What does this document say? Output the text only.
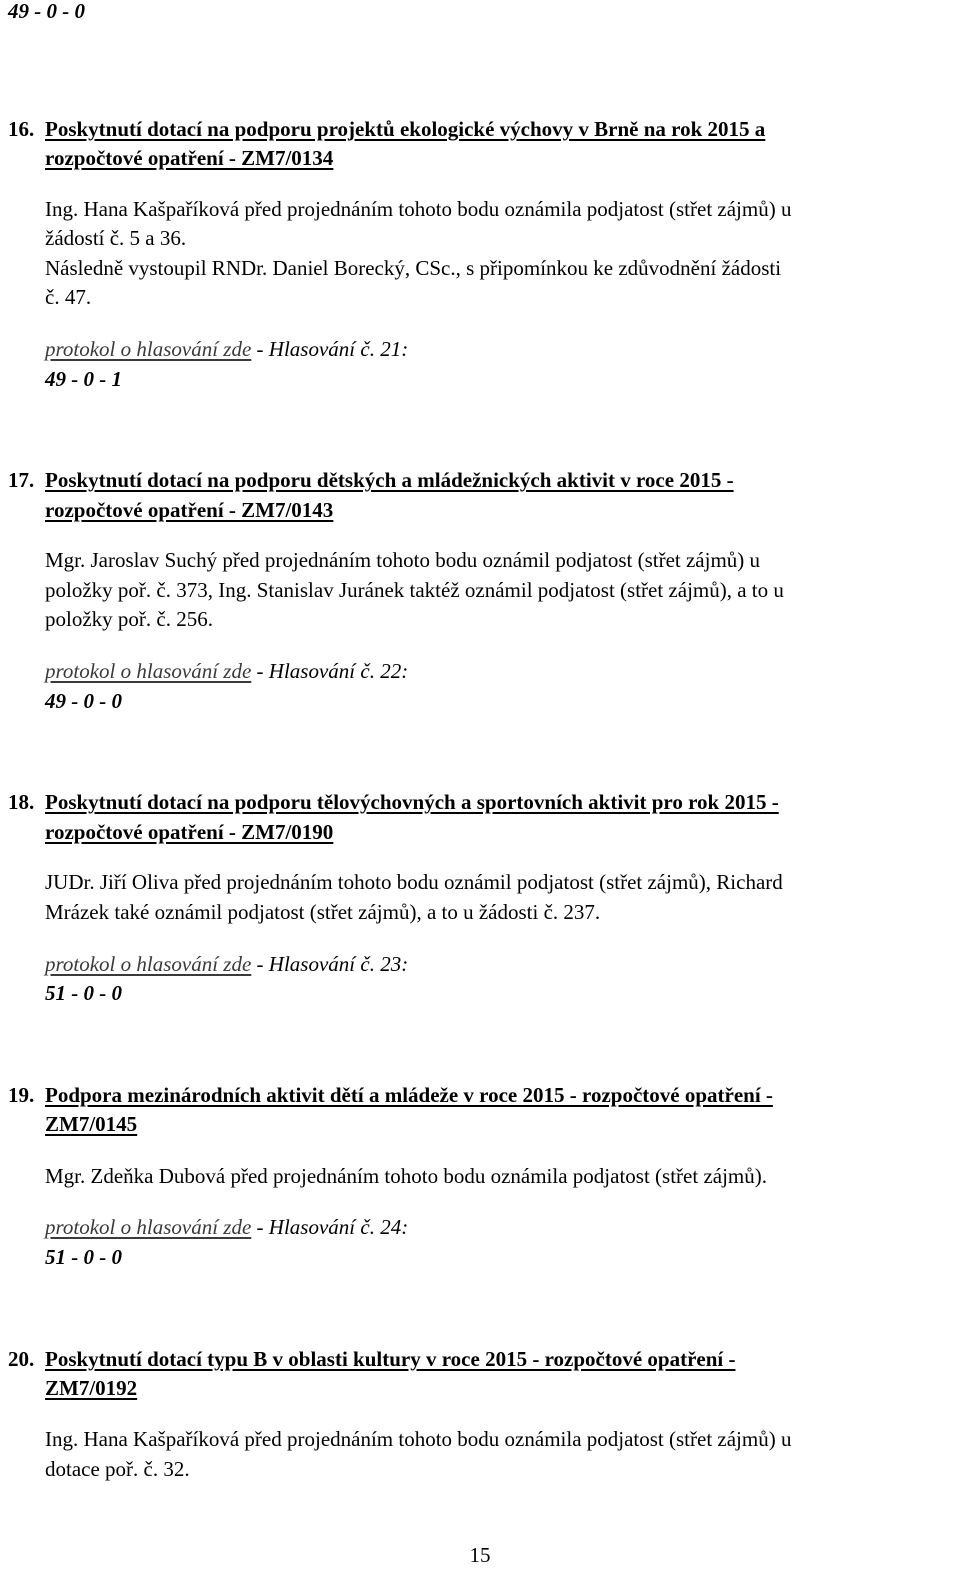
49 - 0 - 0
16. Poskytnutí dotací na podporu projektů ekologické výchovy v Brně na rok 2015 a
rozpočtové opatření - ZM7/0134
Ing. Hana Kašpaříková před projednáním tohoto bodu oznámila podjatost (střet zájmů) u
žádostí č. 5 a 36.
Následně vystoupil RNDr. Daniel Borecký, CSc., s připomínkou ke zdůvodnění žádosti
č. 47.
protokol o hlasování zde - Hlasování č. 21:
49 - 0 - 1
17. Poskytnutí dotací na podporu dětských a mládežnických aktivit v roce 2015 -
rozpočtové opatření - ZM7/0143
Mgr. Jaroslav Suchý před projednáním tohoto bodu oznámil podjatost (střet zájmů) u
položky poř. č. 373, Ing. Stanislav Juránek taktéž oznámil podjatost (střet zájmů), a to u
položky poř. č. 256.
protokol o hlasování zde - Hlasování č. 22:
49 - 0 - 0
18. Poskytnutí dotací na podporu tělovýchovných a sportovních aktivit pro rok 2015 -
rozpočtové opatření - ZM7/0190
JUDr. Jiří Oliva před projednáním tohoto bodu oznámil podjatost (střet zájmů), Richard
Mrázek také oznámil podjatost (střet zájmů), a to u žádosti č. 237.
protokol o hlasování zde - Hlasování č. 23:
51 - 0 - 0
19. Podpora mezinárodních aktivit dětí a mládeže v roce 2015 - rozpočtové opatření -
ZM7/0145
Mgr. Zdeňka Dubová před projednáním tohoto bodu oznámila podjatost (střet zájmů).
protokol o hlasování zde - Hlasování č. 24:
51 - 0 - 0
20. Poskytnutí dotací typu B v oblasti kultury v roce 2015 - rozpočtové opatření -
ZM7/0192
Ing. Hana Kašpaříková před projednáním tohoto bodu oznámila podjatost (střet zájmů) u
dotace poř. č. 32.
15
